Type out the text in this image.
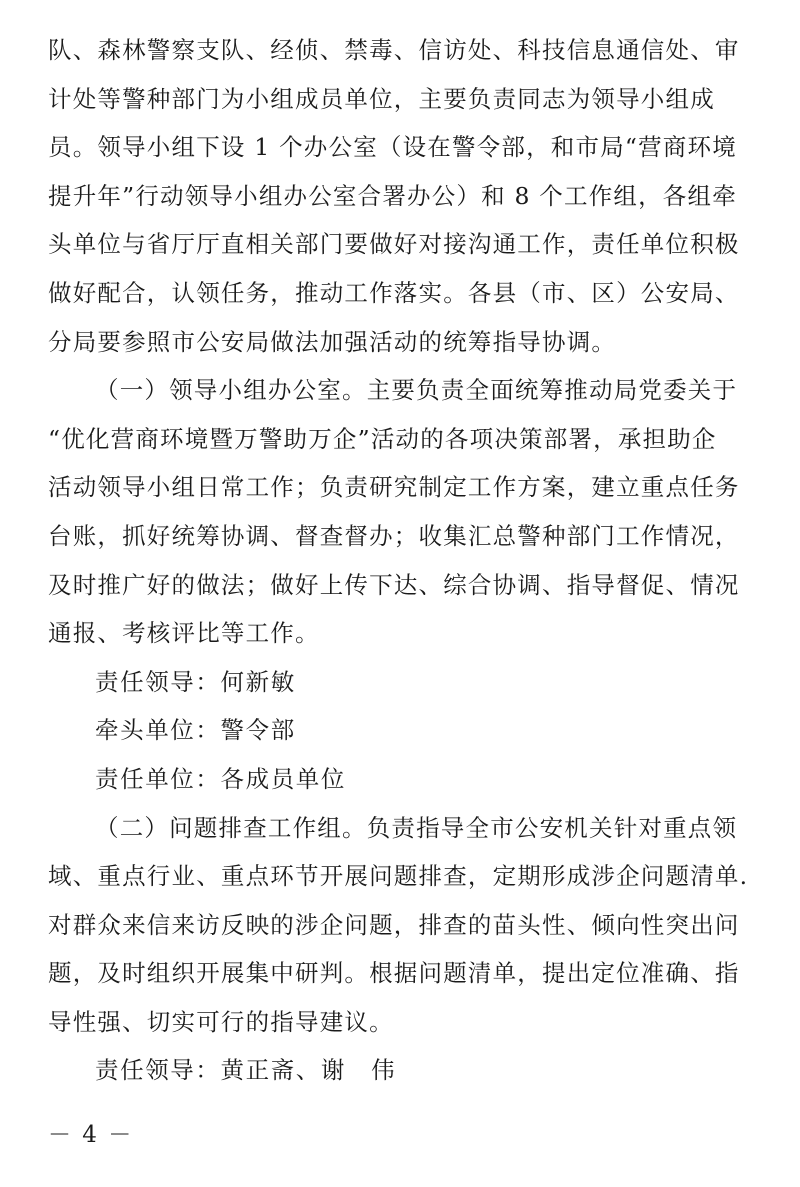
队、森林警察支队、经侦、禁毒、信访处、科技信息通信处、审
计处等警种部门为小组成员单位，主要负责同志为领导小组成
员。领导小组下设 1 个办公室（设在警令部，和市局“营商环境
提升年”行动领导小组办公室合署办公）和 8 个工作组，各组牵
头单位与省厅厅直相关部门要做好对接沟通工作，责任单位积极
做好配合，认领任务，推动工作落实。各县（市、区）公安局、
分局要参照市公安局做法加强活动的统筹指导协调。
（一）领导小组办公室。主要负责全面统筹推动局党委关于
“优化营商环境暨万警助万企”活动的各项决策部署，承担助企
活动领导小组日常工作；负责研究制定工作方案，建立重点任务
台账，抓好统筹协调、督查督办；收集汇总警种部门工作情况，
及时推广好的做法；做好上传下达、综合协调、指导督促、情况
通报、考核评比等工作。
责任领导：何新敏
牵头单位：警令部
责任单位：各成员单位
（二）问题排查工作组。负责指导全市公安机关针对重点领
域、重点行业、重点环节开展问题排查，定期形成涉企问题清单.
对群众来信来访反映的涉企问题，排查的苗头性、倾向性突出问
题，及时组织开展集中研判。根据问题清单，提出定位准确、指
导性强、切实可行的指导建议。
责任领导：黄正斋、谢　伟
－ 4 －
